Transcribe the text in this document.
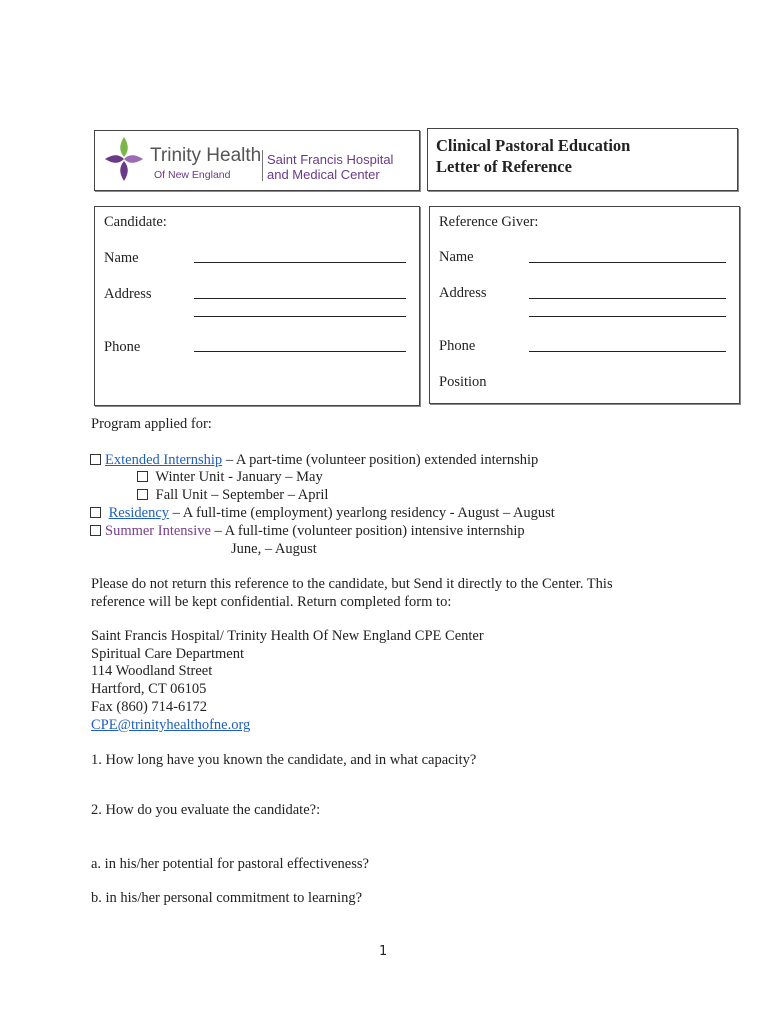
Trinity Health
Of New England
Saint Francis Hospital
and Medical Center
Clinical Pastoral Education
Letter of Reference
Candidate:
Name
Address
Phone
Reference Giver:
Name
Address
Phone
Position
Program applied for:
Extended Internship – A part-time (volunteer position) extended internship
Winter Unit - January – May
Fall Unit – September – April
Residency – A full-time (employment) yearlong residency - August – August
Summer Intensive – A full-time (volunteer position) intensive internship
June, – August
Please do not return this reference to the candidate, but Send it directly to the Center. This
reference will be kept confidential. Return completed form to:
Saint Francis Hospital/ Trinity Health Of New England CPE Center
Spiritual Care Department
114 Woodland Street
Hartford, CT 06105
Fax (860) 714-6172
CPE@trinityhealthofne.org
1. How long have you known the candidate, and in what capacity?
2. How do you evaluate the candidate?:
a. in his/her potential for pastoral effectiveness?
b. in his/her personal commitment to learning?
1
